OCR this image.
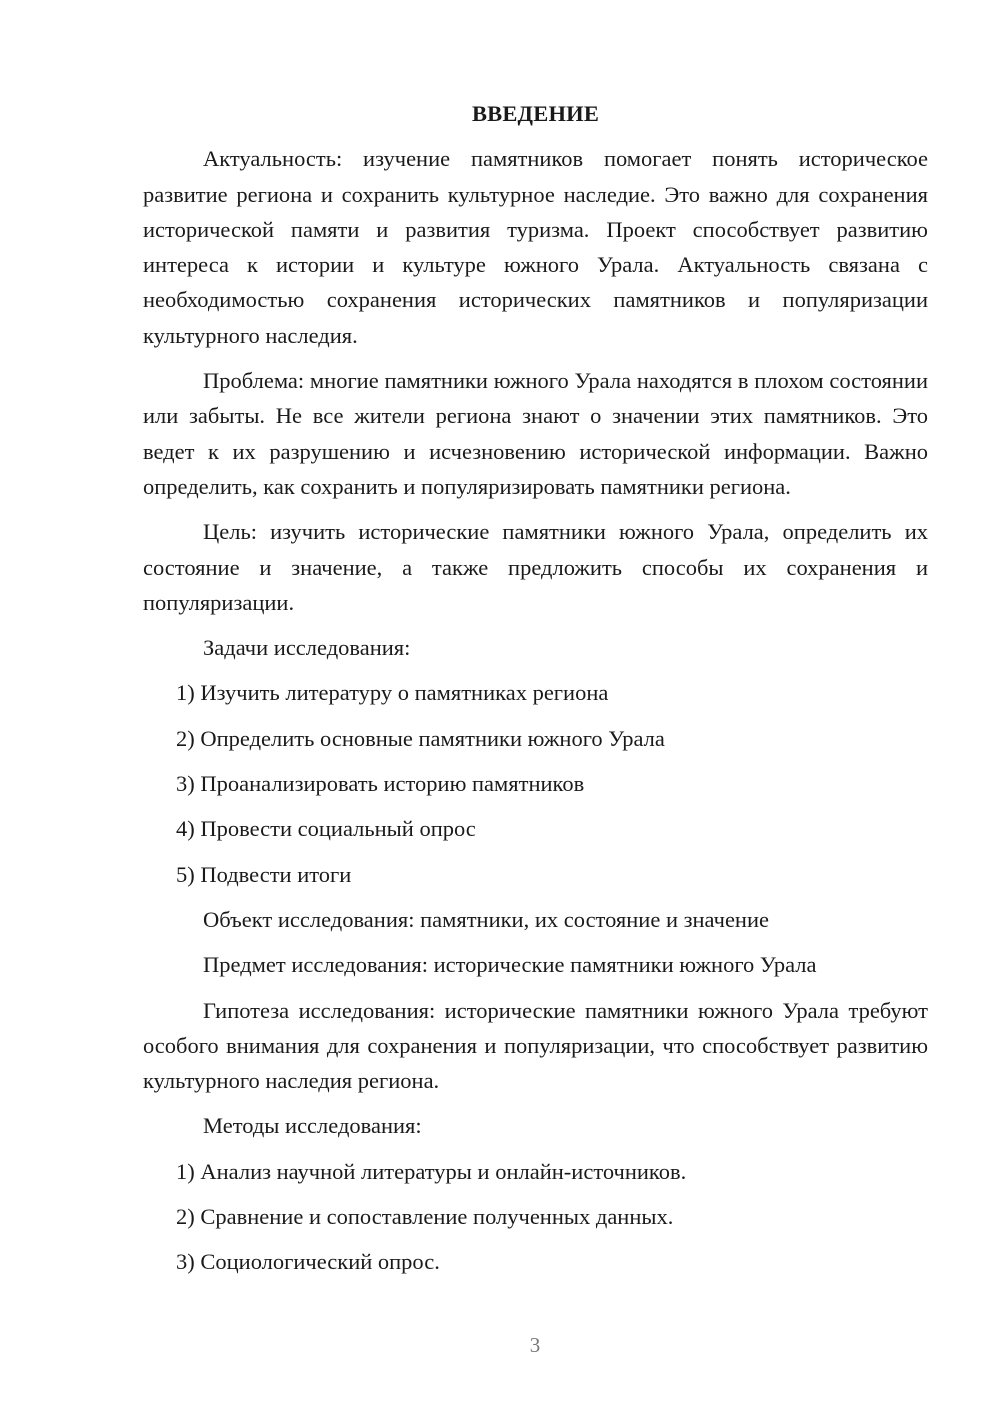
ВВЕДЕНИЕ

Актуальность: изучение памятников помогает понять историческое развитие региона и сохранить культурное наследие. Это важно для сохранения исторической памяти и развития туризма. Проект способствует развитию интереса к истории и культуре южного Урала. Актуальность связана с необходимостью сохранения исторических памятников и популяризации культурного наследия.

Проблема: многие памятники южного Урала находятся в плохом состоянии или забыты. Не все жители региона знают о значении этих памятников. Это ведет к их разрушению и исчезновению исторической информации. Важно определить, как сохранить и популяризировать памятники региона.

Цель: изучить исторические памятники южного Урала, определить их состояние и значение, а также предложить способы их сохранения и популяризации.

Задачи исследования:

1) Изучить литературу о памятниках региона

2) Определить основные памятники южного Урала

3) Проанализировать историю памятников

4) Провести социальный опрос

5) Подвести итоги

Объект исследования: памятники, их состояние и значение

Предмет исследования: исторические памятники южного Урала

Гипотеза исследования: исторические памятники южного Урала требуют особого внимания для сохранения и популяризации, что способствует развитию культурного наследия региона.

Методы исследования:

1) Анализ научной литературы и онлайн-источников.

2) Сравнение и сопоставление полученных данных.

3) Социологический опрос.

3
